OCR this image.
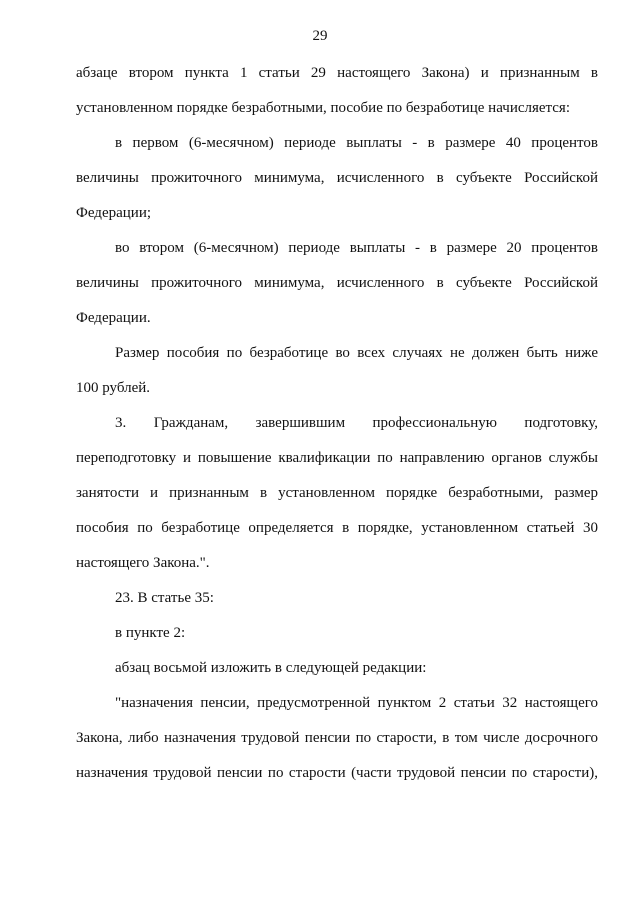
29
абзаце втором пункта 1 статьи 29 настоящего Закона) и признанным в
установленном порядке безработными, пособие по безработице начисляется:
в первом (6-месячном) периоде выплаты - в размере 40 процентов
величины прожиточного минимума, исчисленного в субъекте Российской
Федерации;
во втором (6-месячном) периоде выплаты - в размере 20 процентов
величины прожиточного минимума, исчисленного в субъекте Российской
Федерации.
Размер пособия по безработице во всех случаях не должен быть ниже
100 рублей.
3. Гражданам, завершившим профессиональную подготовку,
переподготовку и повышение квалификации по направлению органов службы
занятости и признанным в установленном порядке безработными, размер
пособия по безработице определяется в порядке, установленном статьей 30
настоящего Закона.".
23. В статье 35:
в пункте 2:
абзац восьмой изложить в следующей редакции:
"назначения пенсии, предусмотренной пунктом 2 статьи 32 настоящего
Закона, либо назначения трудовой пенсии по старости, в том числе досрочного
назначения трудовой пенсии по старости (части трудовой пенсии по старости),
